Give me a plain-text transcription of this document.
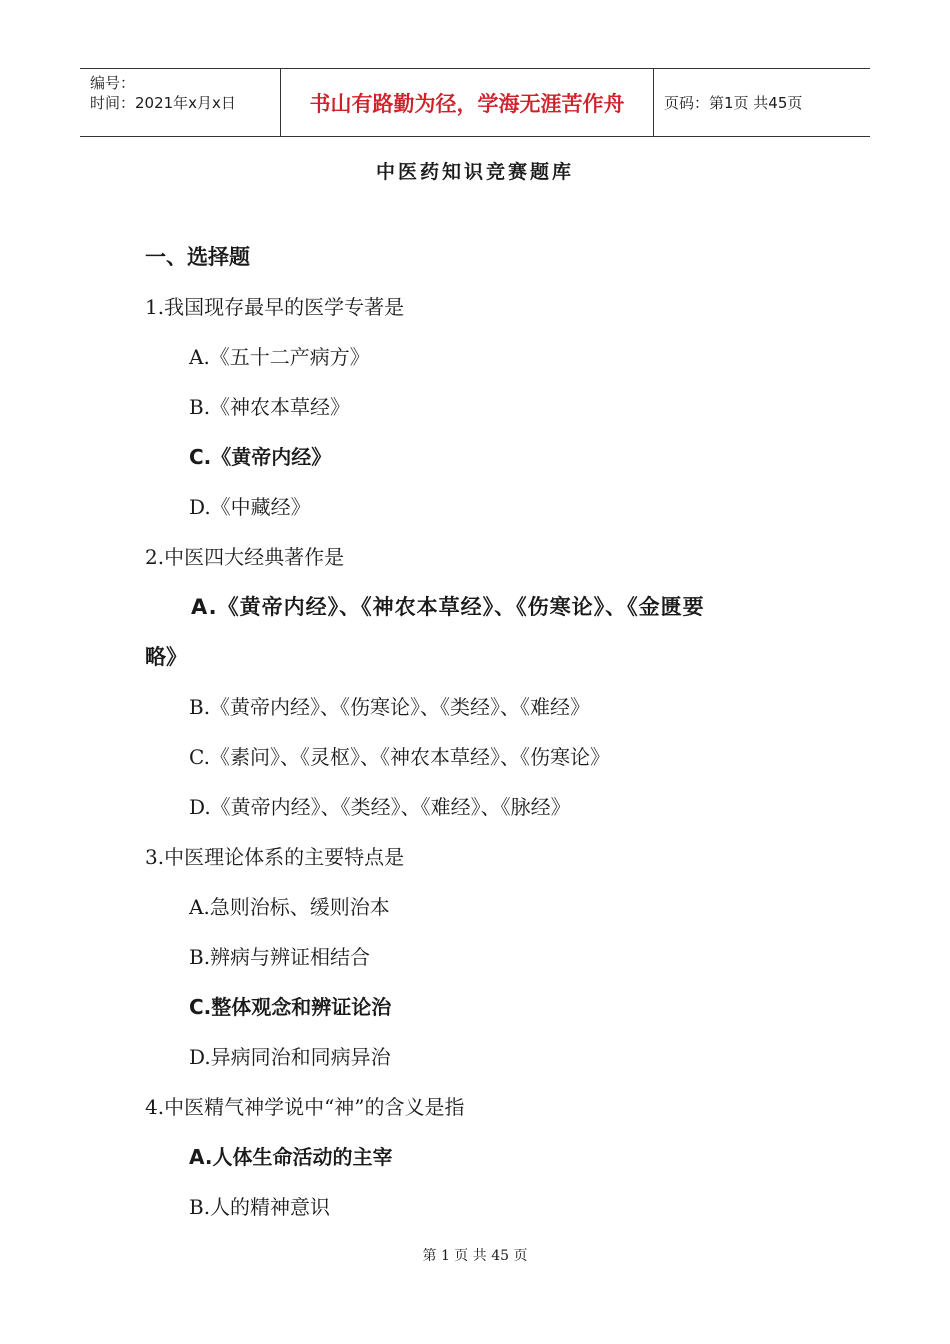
编号：
时间：2021年x月x日	书山有路勤为径，学海无涯苦作舟	页码：第1页 共45页
中医药知识竞赛题库
一、选择题
1.我国现存最早的医学专著是
A.《五十二产病方》
B.《神农本草经》
C.《黄帝内经》
D.《中藏经》
2.中医四大经典著作是
A.《黄帝内经》、《神农本草经》、《伤寒论》、《金匮要
略》
B.《黄帝内经》、《伤寒论》、《类经》、《难经》
C.《素问》、《灵枢》、《神农本草经》、《伤寒论》
D.《黄帝内经》、《类经》、《难经》、《脉经》
3.中医理论体系的主要特点是
A.急则治标、缓则治本
B.辨病与辨证相结合
C.整体观念和辨证论治
D.异病同治和同病异治
4.中医精气神学说中“神”的含义是指
A.人体生命活动的主宰
B.人的精神意识
第 1 页 共 45 页
